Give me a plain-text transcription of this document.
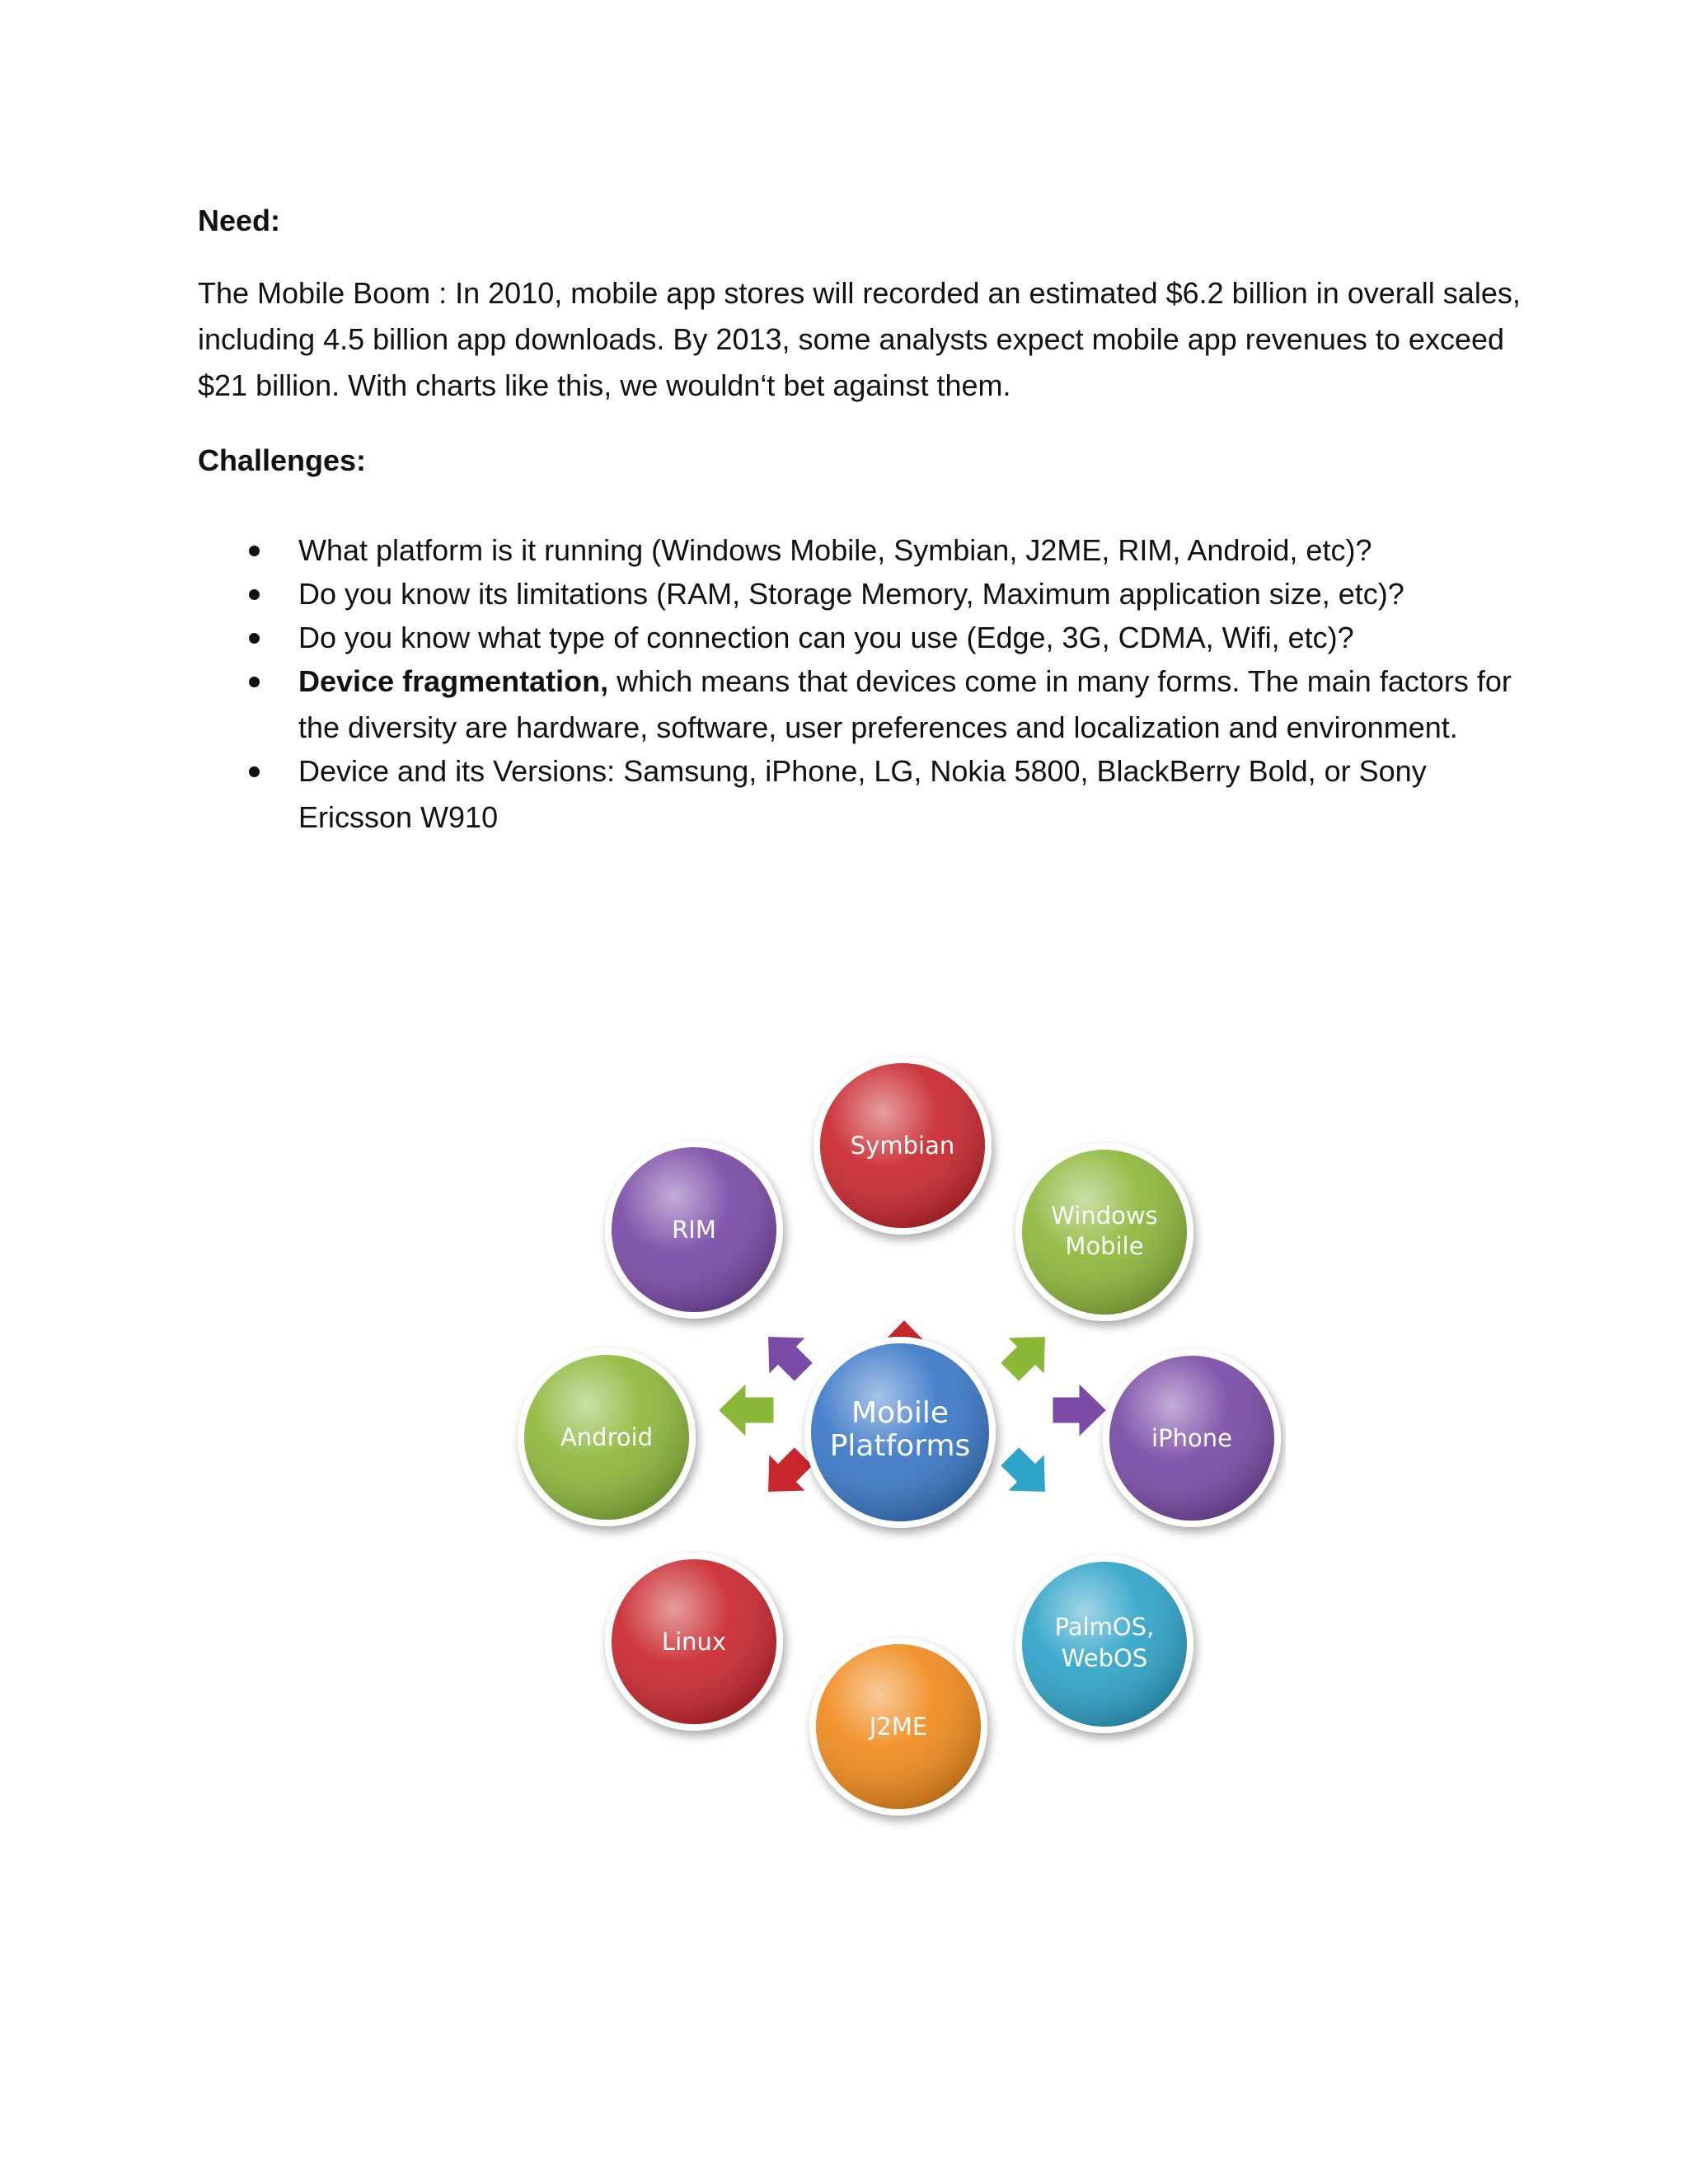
Need:

The Mobile Boom : In 2010, mobile app stores will recorded an estimated $6.2 billion in overall sales, including 4.5 billion app downloads. By 2013, some analysts expect mobile app revenues to exceed $21 billion. With charts like this, we wouldn‘t bet against them.

Challenges:

What platform is it running (Windows Mobile, Symbian, J2ME, RIM, Android, etc)?
Do you know its limitations (RAM, Storage Memory, Maximum application size, etc)?
Do you know what type of connection can you use (Edge, 3G, CDMA, Wifi, etc)?
Device fragmentation, which means that devices come in many forms. The main factors for the diversity are hardware, software, user preferences and localization and environment.
Device and its Versions: Samsung, iPhone, LG, Nokia 5800, BlackBerry Bold, or Sony Ericsson W910
Mobile
Platforms
Symbian
Windows
Mobile
iPhone
PalmOS,
WebOS
J2ME
Linux
Android
RIM
